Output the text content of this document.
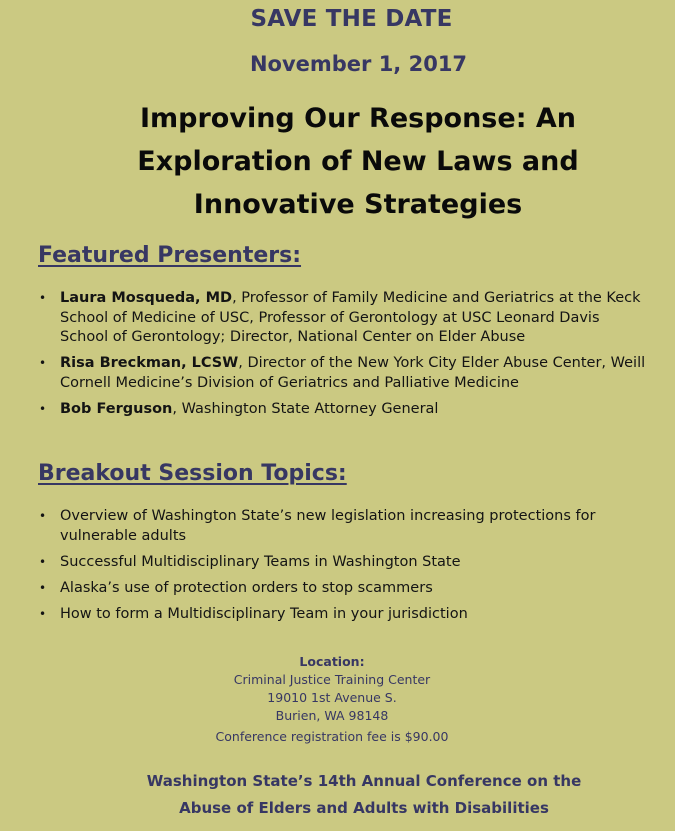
SAVE THE DATE
November 1, 2017
Improving Our Response: An
Exploration of New Laws and
Innovative Strategies
Featured Presenters:
• Laura Mosqueda, MD, Professor of Family Medicine and Geriatrics at the Keck School of Medicine of USC, Professor of Gerontology at USC Leonard Davis School of Gerontology; Director, National Center on Elder Abuse
• Risa Breckman, LCSW, Director of the New York City Elder Abuse Center, Weill Cornell Medicine’s Division of Geriatrics and Palliative Medicine
• Bob Ferguson, Washington State Attorney General
Breakout Session Topics:
• Overview of Washington State’s new legislation increasing protections for vulnerable adults
• Successful Multidisciplinary Teams in Washington State
• Alaska’s use of protection orders to stop scammers
• How to form a Multidisciplinary Team in your jurisdiction
Location:
Criminal Justice Training Center
19010 1st Avenue S.
Burien, WA 98148
Conference registration fee is $90.00
Washington State’s 14th Annual Conference on the
Abuse of Elders and Adults with Disabilities
